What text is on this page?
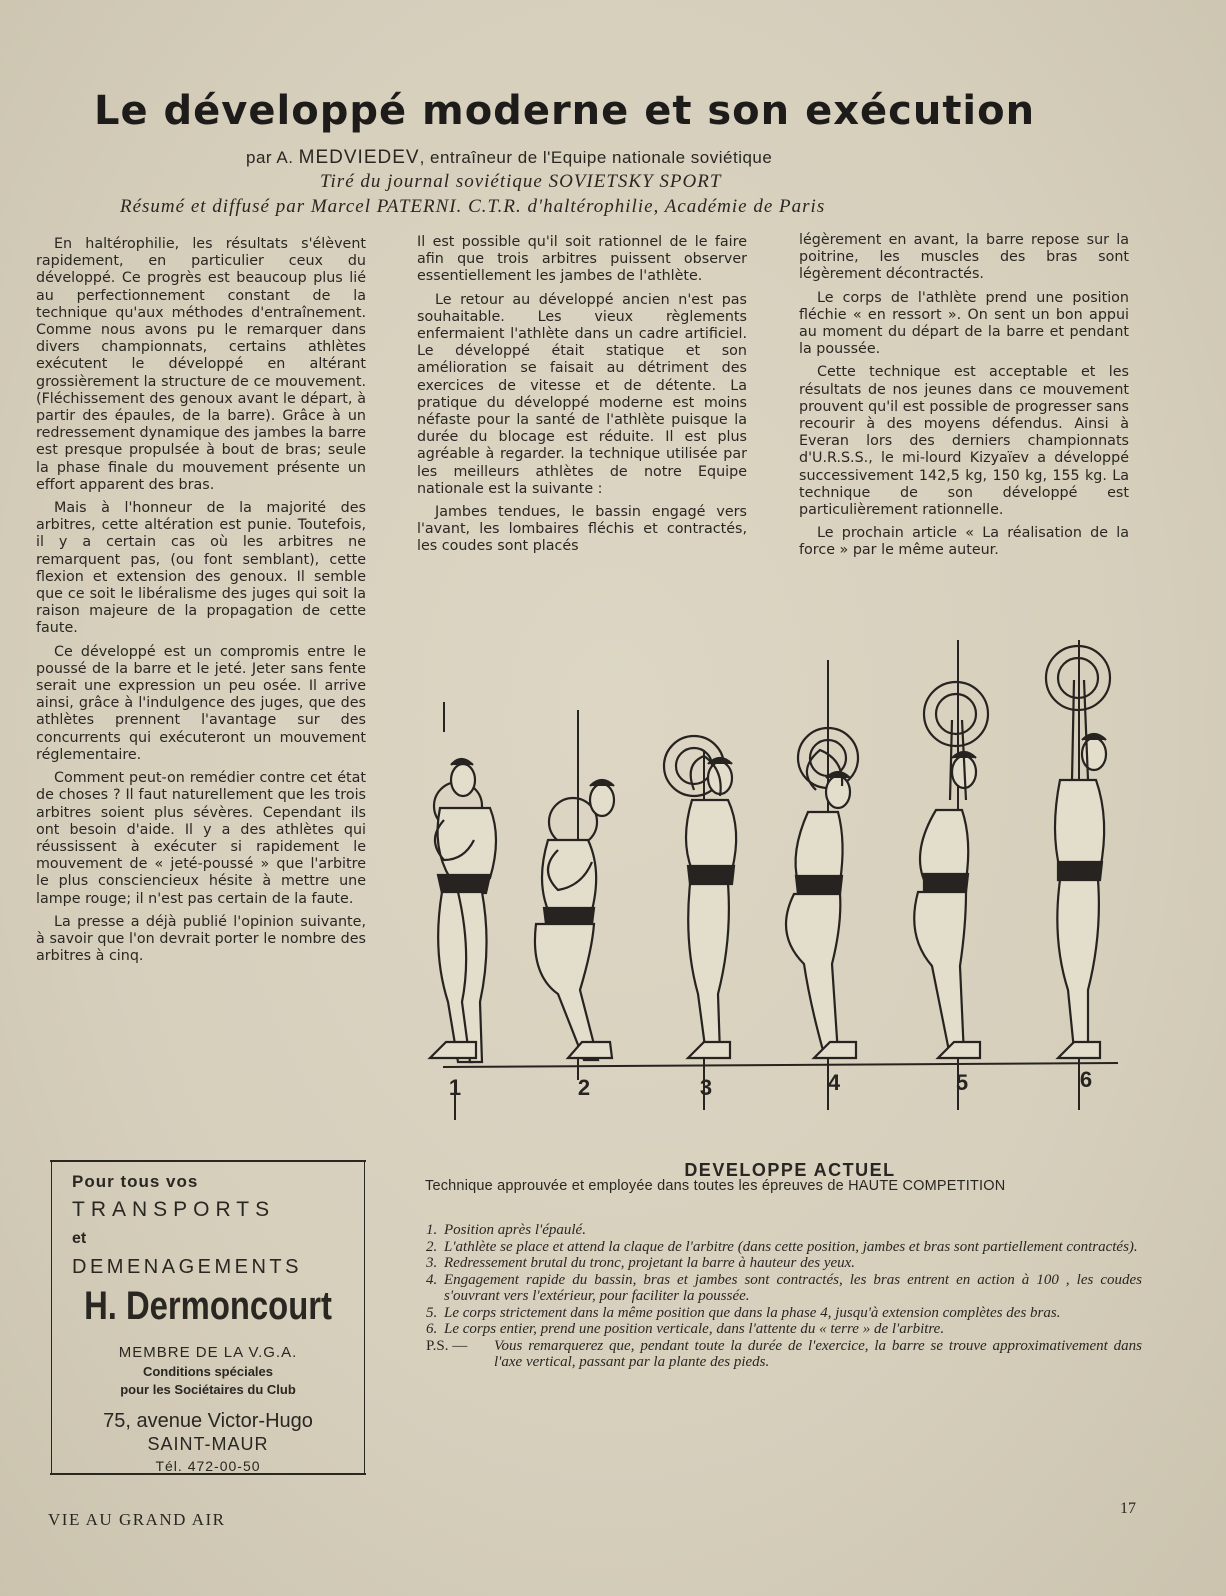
Le développé moderne et son exécution
par A. MEDVIEDEV, entraîneur de l'Equipe nationale soviétique
Tiré du journal soviétique SOVIETSKY SPORT
Résumé et diffusé par Marcel PATERNI. C.T.R. d'haltérophilie, Académie de Paris

En haltérophilie, les résultats s'élèvent rapidement, en particulier ceux du développé. Ce progrès est beaucoup plus lié au perfectionnement constant de la technique qu'aux méthodes d'entraînement. Comme nous avons pu le remarquer dans divers championnats, certains athlètes exécutent le développé en altérant grossièrement la structure de ce mouvement. (Fléchissement des genoux avant le départ, à partir des épaules, de la barre). Grâce à un redressement dynamique des jambes la barre est presque propulsée à bout de bras; seule la phase finale du mouvement présente un effort apparent des bras.

Mais à l'honneur de la majorité des arbitres, cette altération est punie. Toutefois, il y a certain cas où les arbitres ne remarquent pas, (ou font semblant), cette flexion et extension des genoux. Il semble que ce soit le libéralisme des juges qui soit la raison majeure de la propagation de cette faute.

Ce développé est un compromis entre le poussé de la barre et le jeté. Jeter sans fente serait une expression un peu osée. Il arrive ainsi, grâce à l'indulgence des juges, que des athlètes prennent l'avantage sur des concurrents qui exécuteront un mouvement réglementaire.

Comment peut-on remédier contre cet état de choses ? Il faut naturellement que les trois arbitres soient plus sévères. Cependant ils ont besoin d'aide. Il y a des athlètes qui réussissent à exécuter si rapidement le mouvement de « jeté-poussé » que l'arbitre le plus consciencieux hésite à mettre une lampe rouge; il n'est pas certain de la faute.

La presse a déjà publié l'opinion suivante, à savoir que l'on devrait porter le nombre des arbitres à cinq.

Il est possible qu'il soit rationnel de le faire afin que trois arbitres puissent observer essentiellement les jambes de l'athlète.

Le retour au développé ancien n'est pas souhaitable. Les vieux règlements enfermaient l'athlète dans un cadre artificiel. Le développé était statique et son amélioration se faisait au détriment des exercices de vitesse et de détente. La pratique du développé moderne est moins néfaste pour la santé de l'athlète puisque la durée du blocage est réduite. Il est plus agréable à regarder. la technique utilisée par les meilleurs athlètes de notre Equipe nationale est la suivante :

Jambes tendues, le bassin engagé vers l'avant, les lombaires fléchis et contractés, les coudes sont placés

légèrement en avant, la barre repose sur la poitrine, les muscles des bras sont légèrement décontractés.

Le corps de l'athlète prend une position fléchie « en ressort ». On sent un bon appui au moment du départ de la barre et pendant la poussée.

Cette technique est acceptable et les résultats de nos jeunes dans ce mouvement prouvent qu'il est possible de progresser sans recourir à des moyens défendus. Ainsi à Everan lors des derniers championnats d'U.R.S.S., le mi-lourd Kizyaïev a développé successivement 142,5 kg, 150 kg, 155 kg. La technique de son développé est particulièrement rationnelle.

Le prochain article « La réalisation de la force » par le même auteur.

1	2	3	4	5	6
DEVELOPPE ACTUEL
Technique approuvée et employée dans toutes les épreuves de HAUTE COMPETITION
1. Position après l'épaulé.
2. L'athlète se place et attend la claque de l'arbitre (dans cette position, jambes et bras sont partiellement contractés).
3. Redressement brutal du tronc, projetant la barre à hauteur des yeux.
4. Engagement rapide du bassin, bras et jambes sont contractés, les bras entrent en action à 100 , les coudes s'ouvrant vers l'extérieur, pour faciliter la poussée.
5. Le corps strictement dans la même position que dans la phase 4, jusqu'à extension complètes des bras.
6. Le corps entier, prend une position verticale, dans l'attente du « terre » de l'arbitre.
P.S. — Vous remarquerez que, pendant toute la durée de l'exercice, la barre se trouve approximativement dans l'axe vertical, passant par la plante des pieds.
Pour tous vos
TRANSPORTS
et
DEMENAGEMENTS
H. Dermoncourt
MEMBRE DE LA V.G.A.
Conditions spéciales
pour les Sociétaires du Club
75, avenue Victor-Hugo
SAINT-MAUR
Tél. 472-00-50
VIE AU GRAND AIR
17
